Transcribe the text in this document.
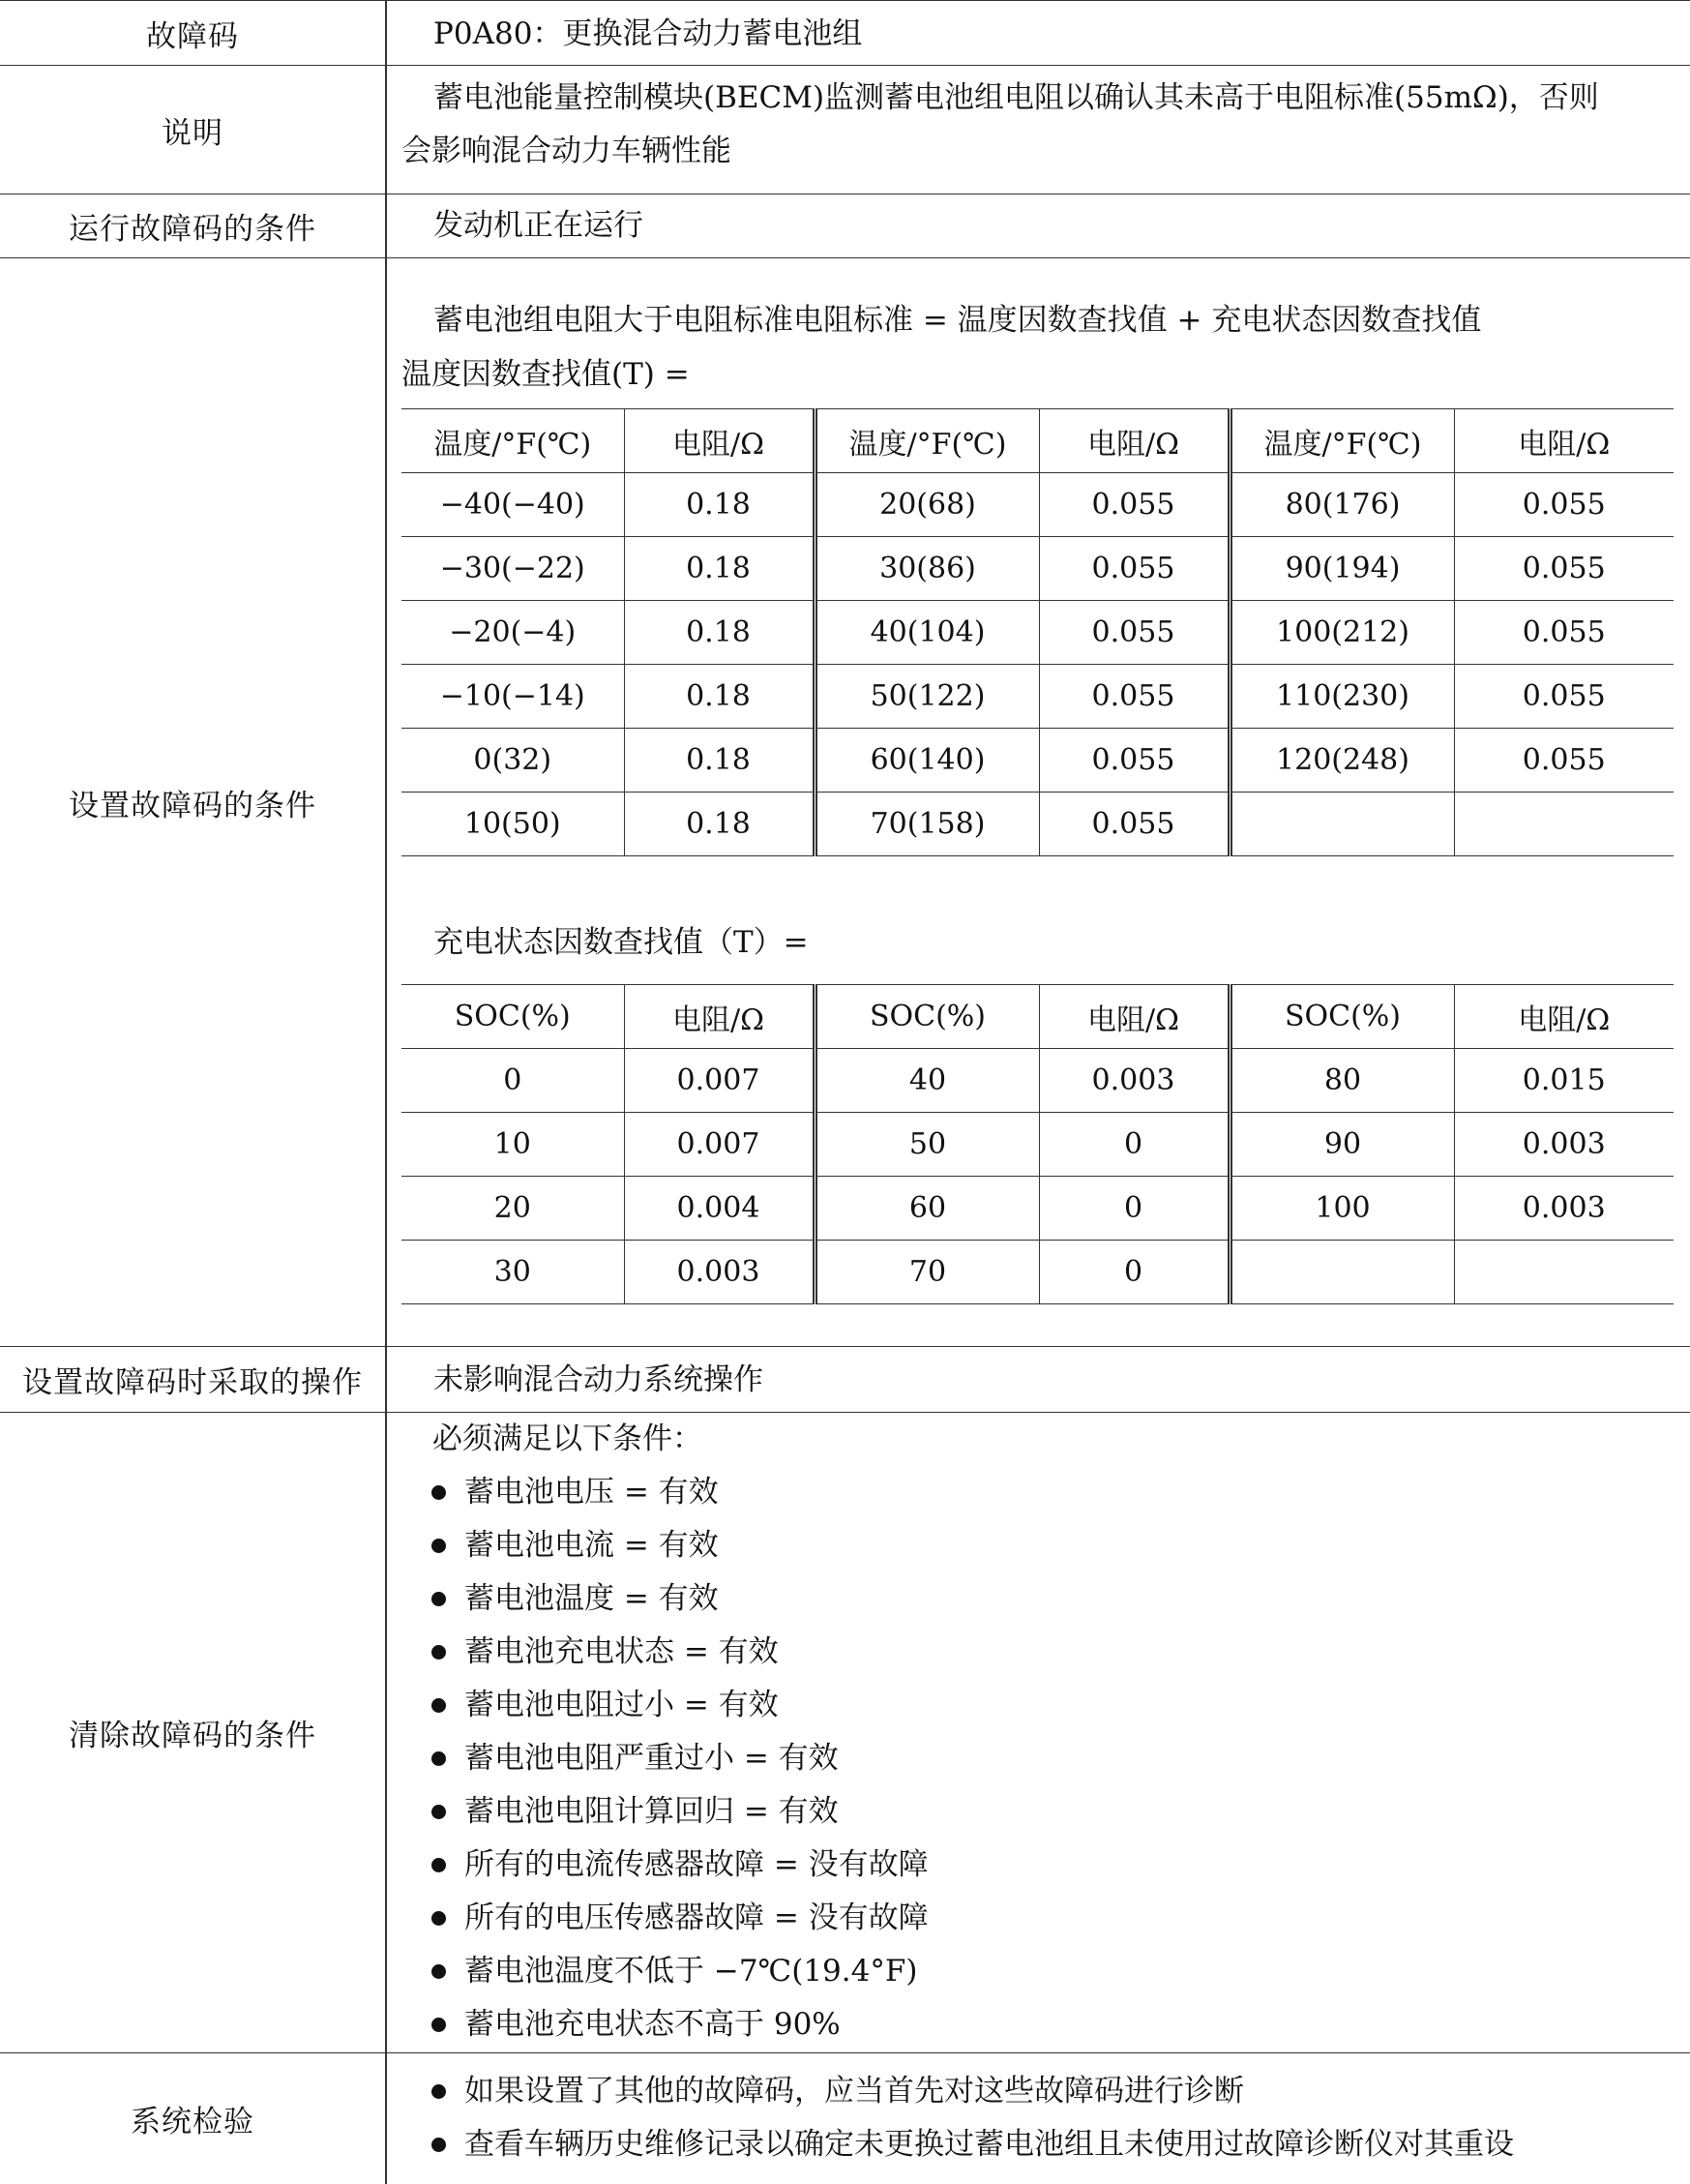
故障码	P0A80：更换混合动力蓄电池组
说明
蓄电池能量控制模块(BECM)监测蓄电池组电阻以确认其未高于电阻标准(55mΩ)，否则
会影响混合动力车辆性能
运行故障码的条件	发动机正在运行
设置故障码的条件
蓄电池组电阻大于电阻标准电阻标准 = 温度因数查找值 + 充电状态因数查找值
温度因数查找值(T) =
温度/°F(℃)	电阻/Ω	温度/°F(℃)	电阻/Ω	温度/°F(℃)	电阻/Ω
−40(−40)	0.18	20(68)	0.055	80(176)	0.055
−30(−22)	0.18	30(86)	0.055	90(194)	0.055
−20(−4)	0.18	40(104)	0.055	100(212)	0.055
−10(−14)	0.18	50(122)	0.055	110(230)	0.055
0(32)	0.18	60(140)	0.055	120(248)	0.055
10(50)	0.18	70(158)	0.055		
充电状态因数查找值（T）=
SOC(%)	电阻/Ω	SOC(%)	电阻/Ω	SOC(%)	电阻/Ω
0	0.007	40	0.003	80	0.015
10	0.007	50	0	90	0.003
20	0.004	60	0	100	0.003
30	0.003	70	0		
设置故障码时采取的操作	未影响混合动力系统操作
清除故障码的条件
必须满足以下条件：
蓄电池电压 = 有效
蓄电池电流 = 有效
蓄电池温度 = 有效
蓄电池充电状态 = 有效
蓄电池电阻过小 = 有效
蓄电池电阻严重过小 = 有效
蓄电池电阻计算回归 = 有效
所有的电流传感器故障 = 没有故障
所有的电压传感器故障 = 没有故障
蓄电池温度不低于 −7℃(19.4°F)
蓄电池充电状态不高于 90%
系统检验
如果设置了其他的故障码，应当首先对这些故障码进行诊断
查看车辆历史维修记录以确定未更换过蓄电池组且未使用过故障诊断仪对其重设
